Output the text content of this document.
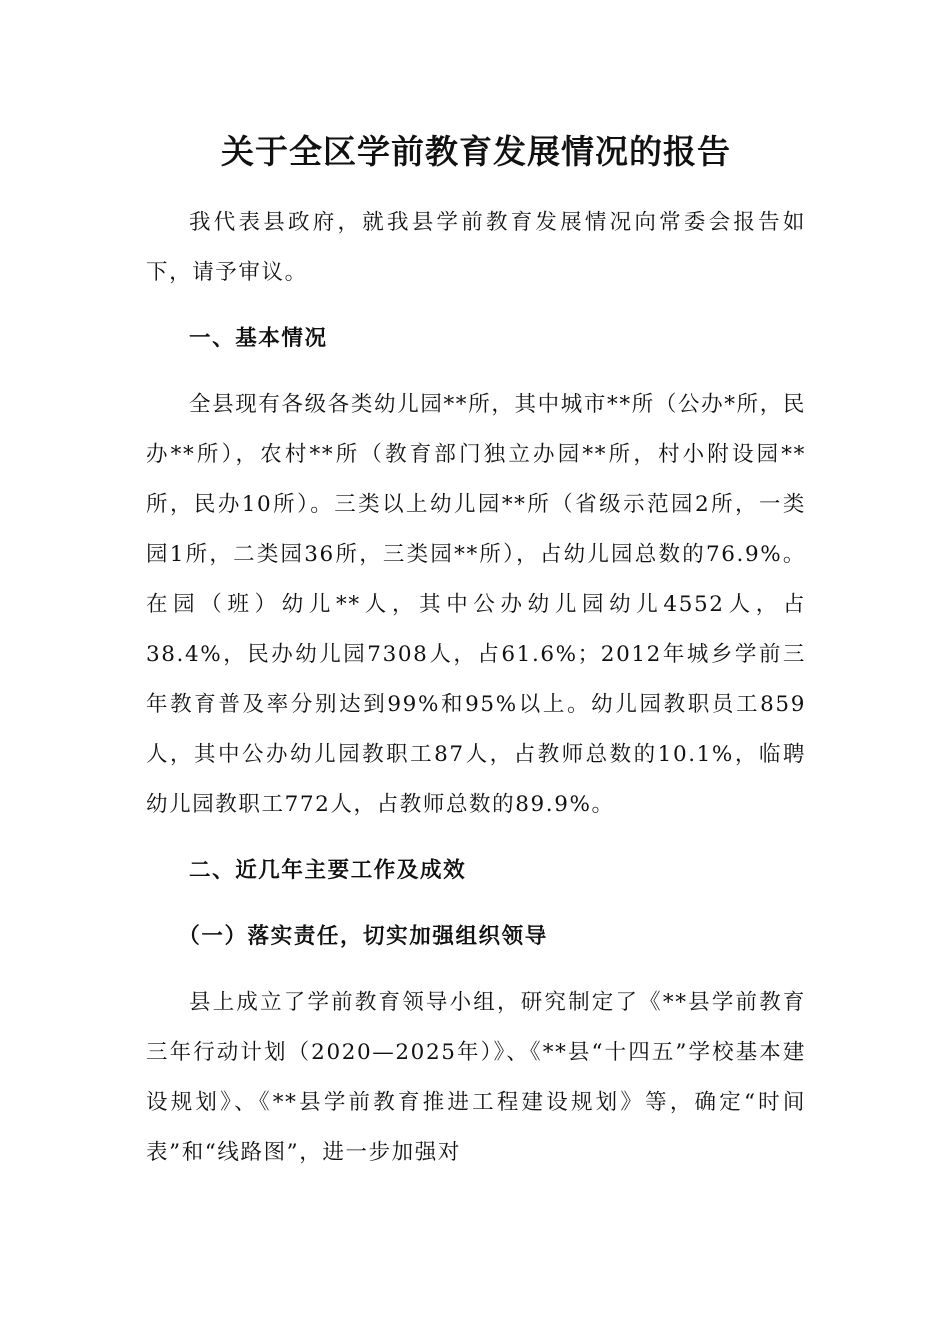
关于全区学前教育发展情况的报告

我代表县政府，就我县学前教育发展情况向常委会报告如下，请予审议。

一、基本情况

全县现有各级各类幼儿园**所，其中城市**所（公办*所，民办**所），农村**所（教育部门独立办园**所，村小附设园**所，民办10所）。三类以上幼儿园**所（省级示范园2所，一类园1所，二类园36所，三类园**所），占幼儿园总数的76.9%。在园（班）幼儿**人，其中公办幼儿园幼儿4552人，占38.4%，民办幼儿园7308人，占61.6%；2012年城乡学前三年教育普及率分别达到99%和95%以上。幼儿园教职员工859人，其中公办幼儿园教职工87人，占教师总数的10.1%，临聘幼儿园教职工772人，占教师总数的89.9%。

二、近几年主要工作及成效

（一）落实责任，切实加强组织领导

县上成立了学前教育领导小组，研究制定了《**县学前教育三年行动计划（2020—2025年）》、《**县“十四五”学校基本建设规划》、《**县学前教育推进工程建设规划》等，确定“时间表”和“线路图”，进一步加强对
